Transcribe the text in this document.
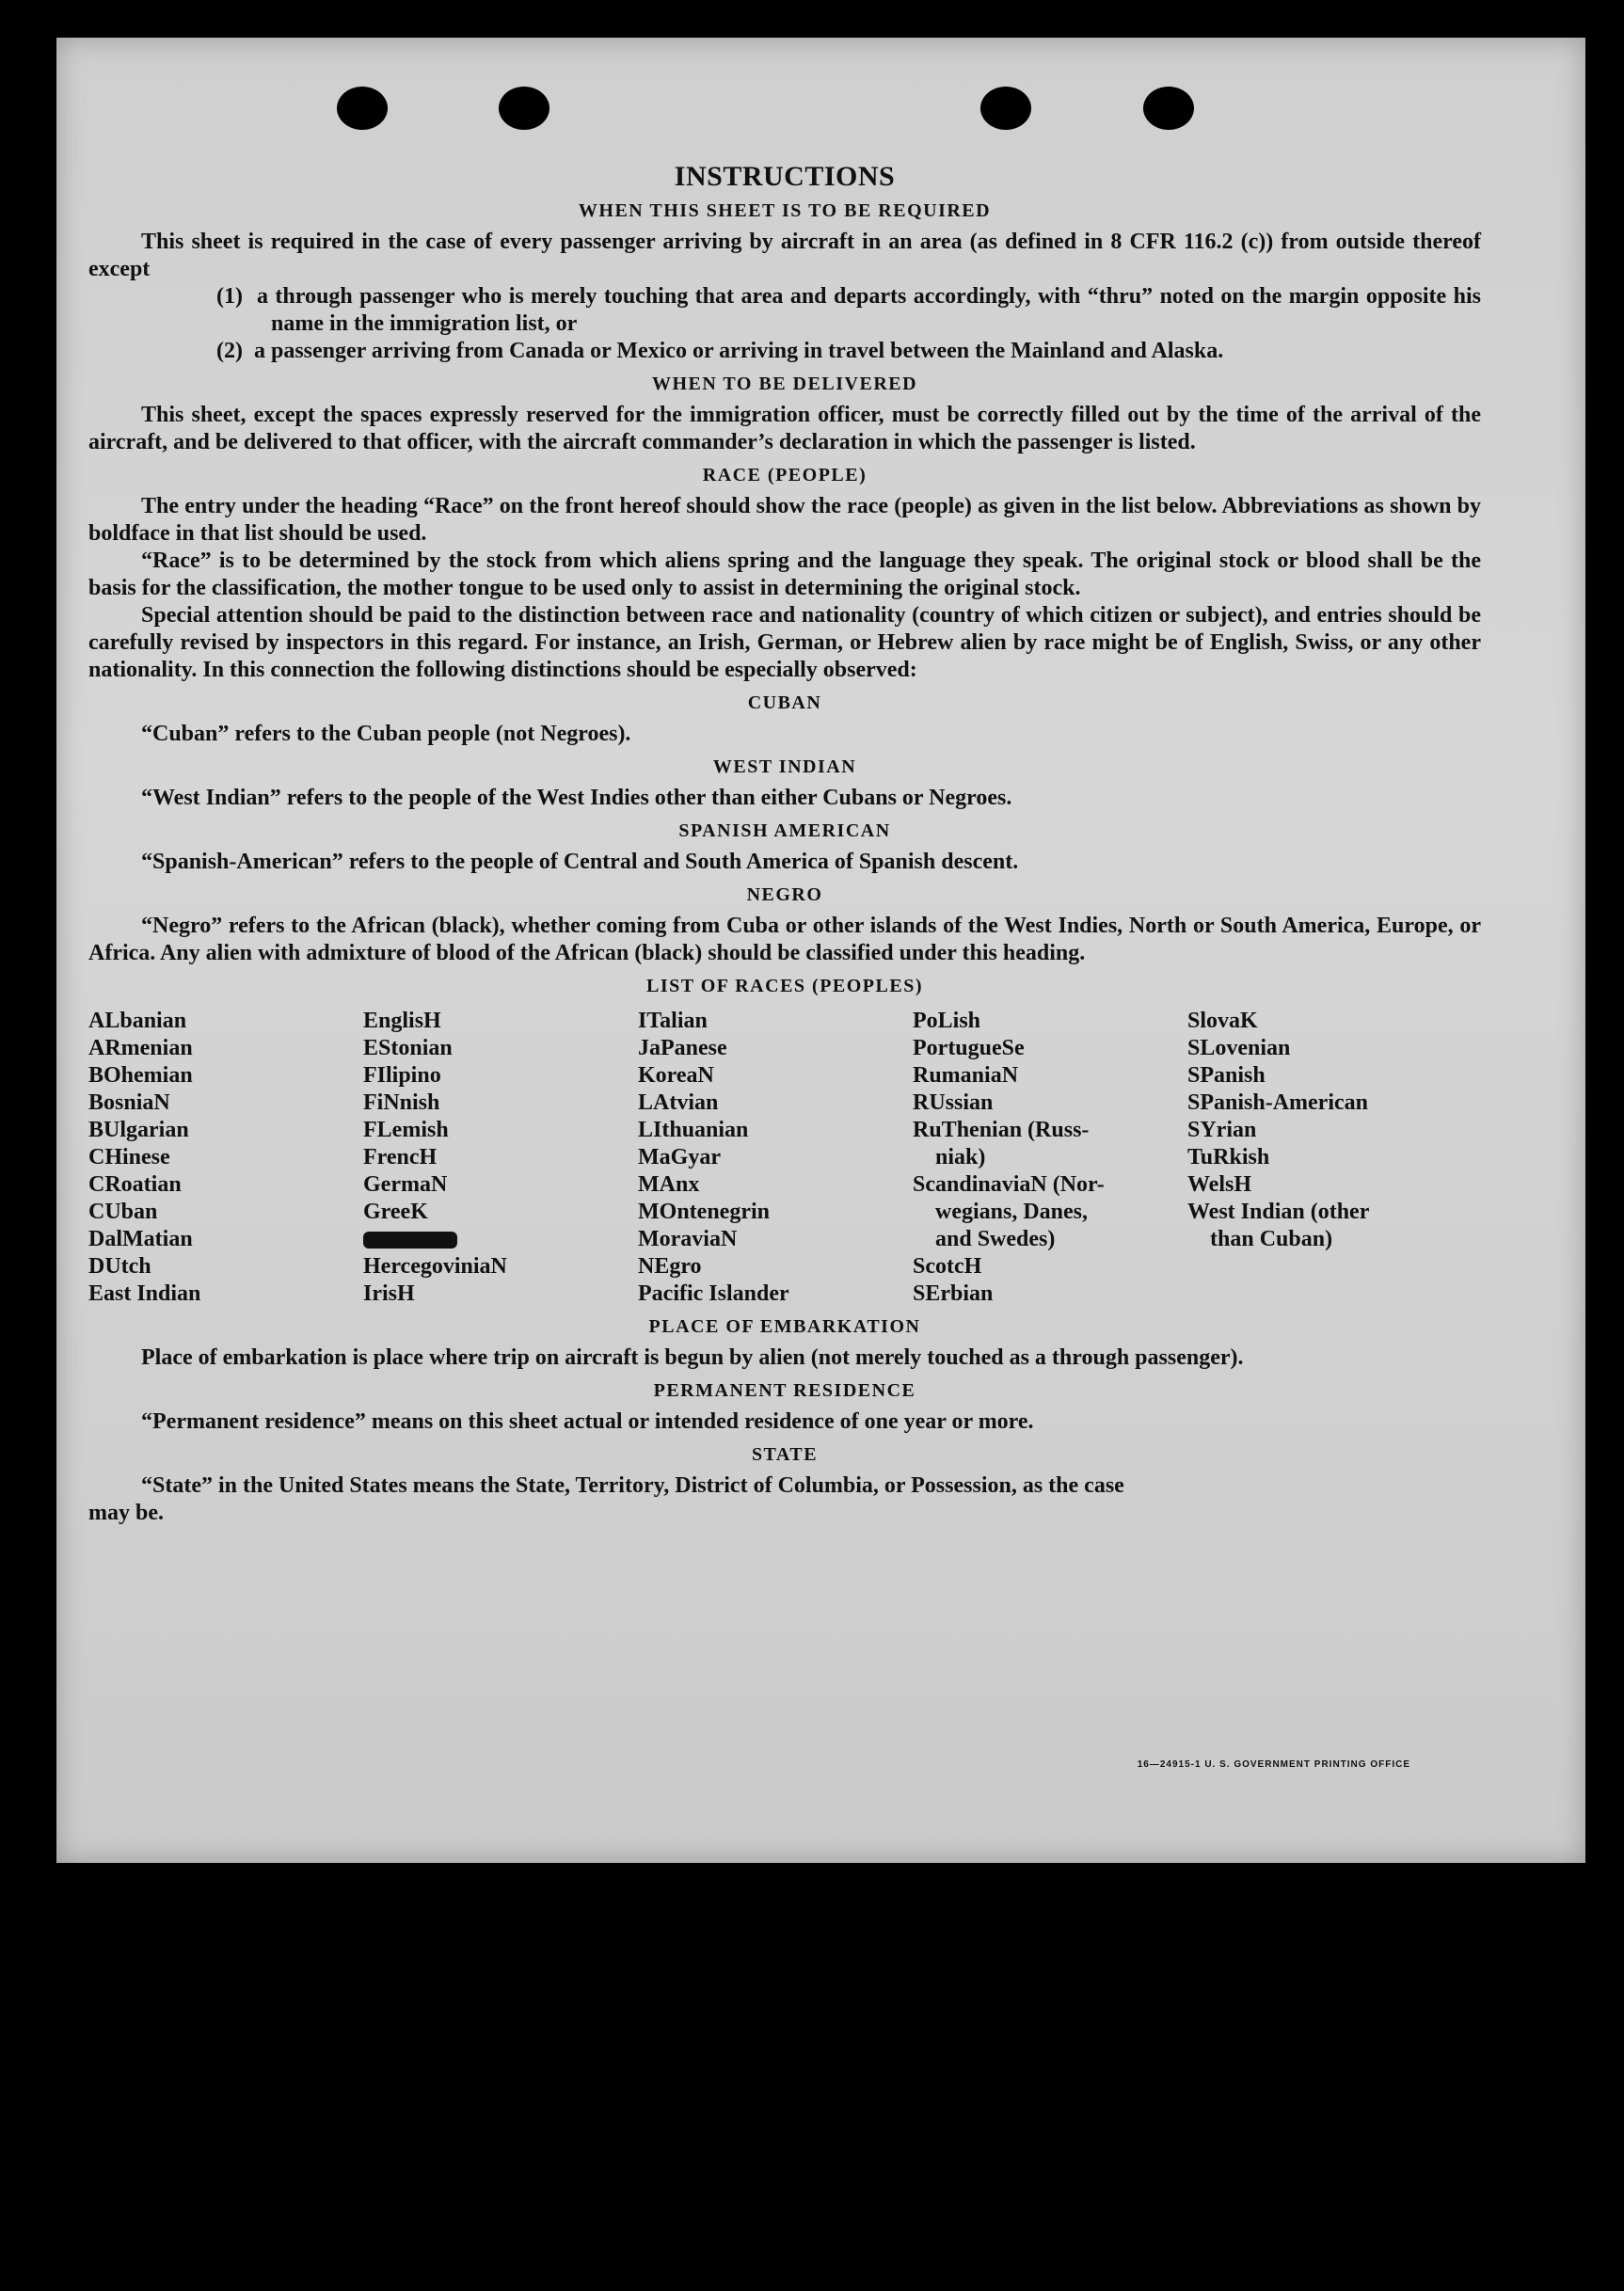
INSTRUCTIONS
WHEN THIS SHEET IS TO BE REQUIRED

This sheet is required in the case of every passenger arriving by aircraft in an area (as defined in 8 CFR 116.2 (c)) from outside thereof except

(1) a through passenger who is merely touching that area and departs accordingly, with “thru” noted on the margin opposite his name in the immigration list, or

(2) a passenger arriving from Canada or Mexico or arriving in travel between the Mainland and Alaska.

WHEN TO BE DELIVERED

This sheet, except the spaces expressly reserved for the immigration officer, must be correctly filled out by the time of the arrival of the aircraft, and be delivered to that officer, with the aircraft commander’s declaration in which the passenger is listed.

RACE (PEOPLE)

The entry under the heading “Race” on the front hereof should show the race (people) as given in the list below. Abbreviations as shown by boldface in that list should be used.

“Race” is to be determined by the stock from which aliens spring and the language they speak. The original stock or blood shall be the basis for the classification, the mother tongue to be used only to assist in determining the original stock.

Special attention should be paid to the distinction between race and nationality (country of which citizen or subject), and entries should be carefully revised by inspectors in this regard. For instance, an Irish, German, or Hebrew alien by race might be of English, Swiss, or any other nationality. In this connection the following distinctions should be especially observed:

CUBAN

“Cuban” refers to the Cuban people (not Negroes).

WEST INDIAN

“West Indian” refers to the people of the West Indies other than either Cubans or Negroes.

SPANISH AMERICAN

“Spanish-American” refers to the people of Central and South America of Spanish descent.

NEGRO

“Negro” refers to the African (black), whether coming from Cuba or other islands of the West Indies, North or South America, Europe, or Africa. Any alien with admixture of blood of the African (black) should be classified under this heading.

LIST OF RACES (PEOPLES)
ALbanian
ARmenian
BOhemian
BosniaN
BUlgarian
CHinese
CRoatian
CUban
DalMatian
DUtch
East Indian
EnglisH
EStonian
FIlipino
FiNnish
FLemish
FrencH
GermaN
GreeK
HercegoviniaN
IrisH
ITalian
JaPanese
KoreaN
LAtvian
LIthuanian
MaGyar
MAnx
MOntenegrin
MoraviaN
NEgro
Pacific Islander
PoLish
PortugueSe
RumaniaN
RUssian
RuThenian (Russ-
niak)
ScandinaviaN (Nor-
wegians, Danes,
and Swedes)
ScotcH
SErbian
SlovaK
SLovenian
SPanish
SPanish-American
SYrian
TuRkish
WelsH
West Indian (other
than Cuban)
PLACE OF EMBARKATION

Place of embarkation is place where trip on aircraft is begun by alien (not merely touched as a through passenger).

PERMANENT RESIDENCE

“Permanent residence” means on this sheet actual or intended residence of one year or more.

STATE

“State” in the United States means the State, Territory, District of Columbia, or Possession, as the case

may be.

16—24915-1 U. S. GOVERNMENT PRINTING OFFICE
